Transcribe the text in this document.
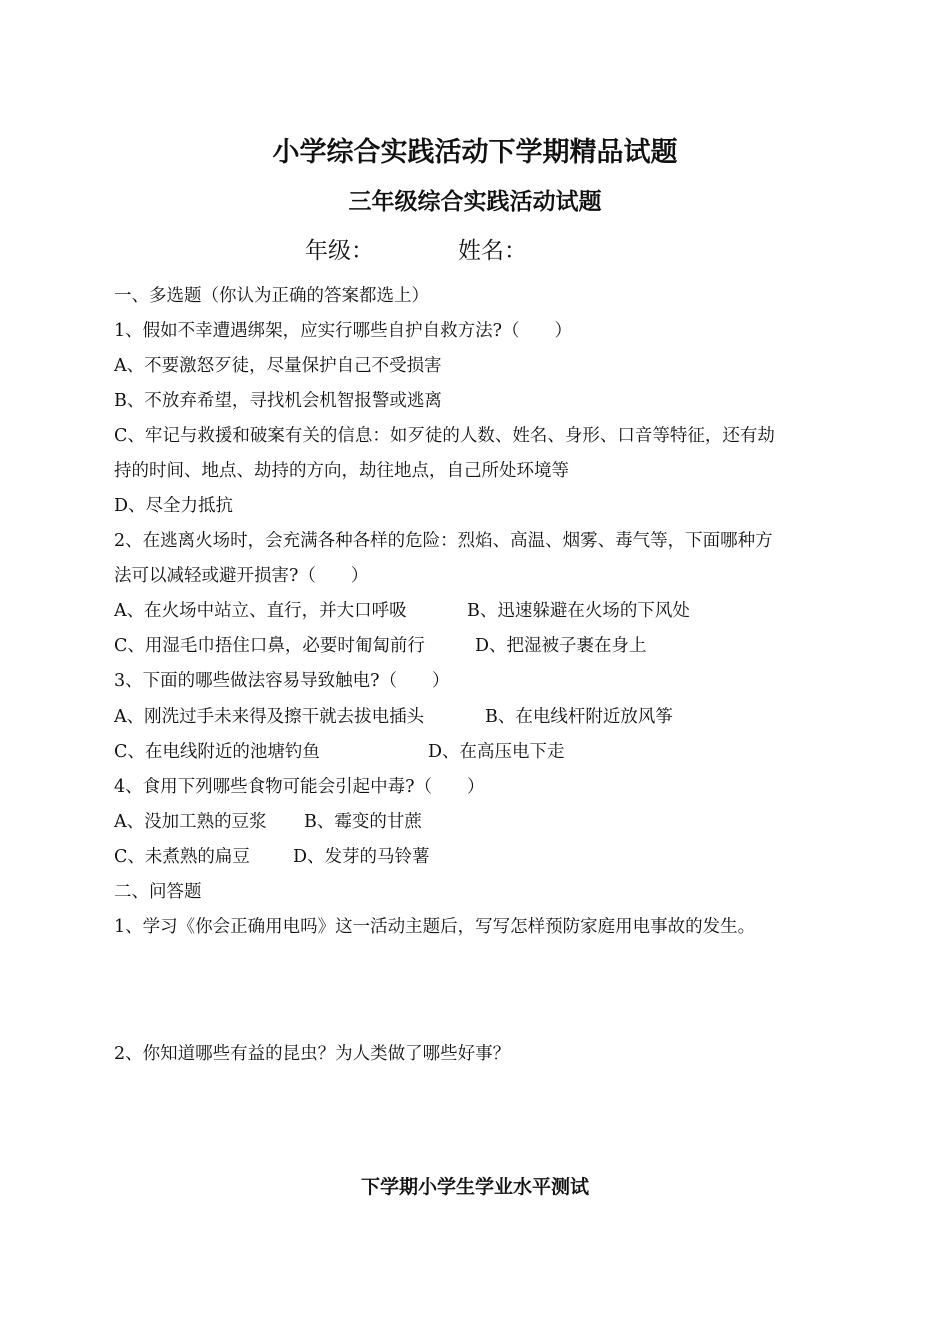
小学综合实践活动下学期精品试题
三年级综合实践活动试题
年级：	姓名：
一、多选题（你认为正确的答案都选上）
1、假如不幸遭遇绑架，应实行哪些自护自救方法?（　　）
A、不要激怒歹徒，尽量保护自己不受损害
B、不放弃希望，寻找机会机智报警或逃离
C、牢记与救援和破案有关的信息：如歹徒的人数、姓名、身形、口音等特征，还有劫
持的时间、地点、劫持的方向，劫往地点，自己所处环境等
D、尽全力抵抗
2、在逃离火场时，会充满各种各样的危险：烈焰、高温、烟雾、毒气等，下面哪种方
法可以减轻或避开损害?（　　）
A、在火场中站立、直行，并大口呼吸	B、迅速躲避在火场的下风处
C、用湿毛巾捂住口鼻，必要时匍匐前行	D、把湿被子裹在身上
3、下面的哪些做法容易导致触电?（　　）
A、刚洗过手未来得及擦干就去拔电插头	B、在电线杆附近放风筝
C、在电线附近的池塘钓鱼	D、在高压电下走
4、食用下列哪些食物可能会引起中毒?（　　）
A、没加工熟的豆浆 B、霉变的甘蔗
C、未煮熟的扁豆 D、发芽的马铃薯
二、问答题
1、学习《你会正确用电吗》这一活动主题后，写写怎样预防家庭用电事故的发生。
2、你知道哪些有益的昆虫？为人类做了哪些好事？
下学期小学生学业水平测试
